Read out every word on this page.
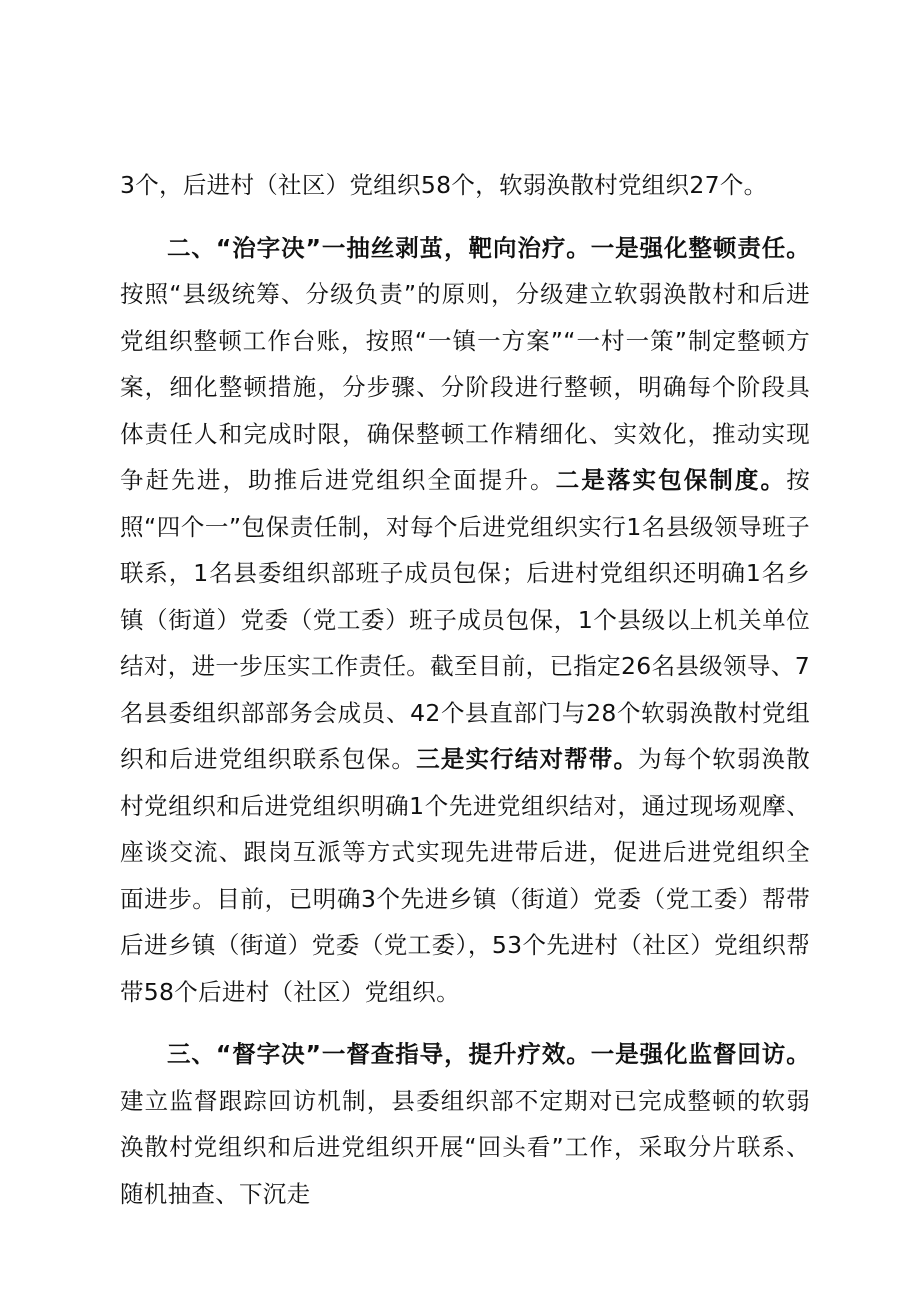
3个，后进村（社区）党组织58个，软弱涣散村党组织27个。

二、“治字决”一抽丝剥茧，靶向治疗。一是强化整顿责任。按照“县级统筹、分级负责”的原则，分级建立软弱涣散村和后进党组织整顿工作台账，按照“一镇一方案”“一村一策”制定整顿方案，细化整顿措施，分步骤、分阶段进行整顿，明确每个阶段具体责任人和完成时限，确保整顿工作精细化、实效化，推动实现争赶先进，助推后进党组织全面提升。二是落实包保制度。按照“四个一”包保责任制，对每个后进党组织实行1名县级领导班子联系，1名县委组织部班子成员包保；后进村党组织还明确1名乡镇（街道）党委（党工委）班子成员包保，1个县级以上机关单位结对，进一步压实工作责任。截至目前，已指定26名县级领导、7名县委组织部部务会成员、42个县直部门与28个软弱涣散村党组织和后进党组织联系包保。三是实行结对帮带。为每个软弱涣散村党组织和后进党组织明确1个先进党组织结对，通过现场观摩、座谈交流、跟岗互派等方式实现先进带后进，促进后进党组织全面进步。目前，已明确3个先进乡镇（街道）党委（党工委）帮带后进乡镇（街道）党委（党工委），53个先进村（社区）党组织帮带58个后进村（社区）党组织。

三、“督字决”一督查指导，提升疗效。一是强化监督回访。建立监督跟踪回访机制，县委组织部不定期对已完成整顿的软弱涣散村党组织和后进党组织开展“回头看”工作，采取分片联系、随机抽查、下沉走
